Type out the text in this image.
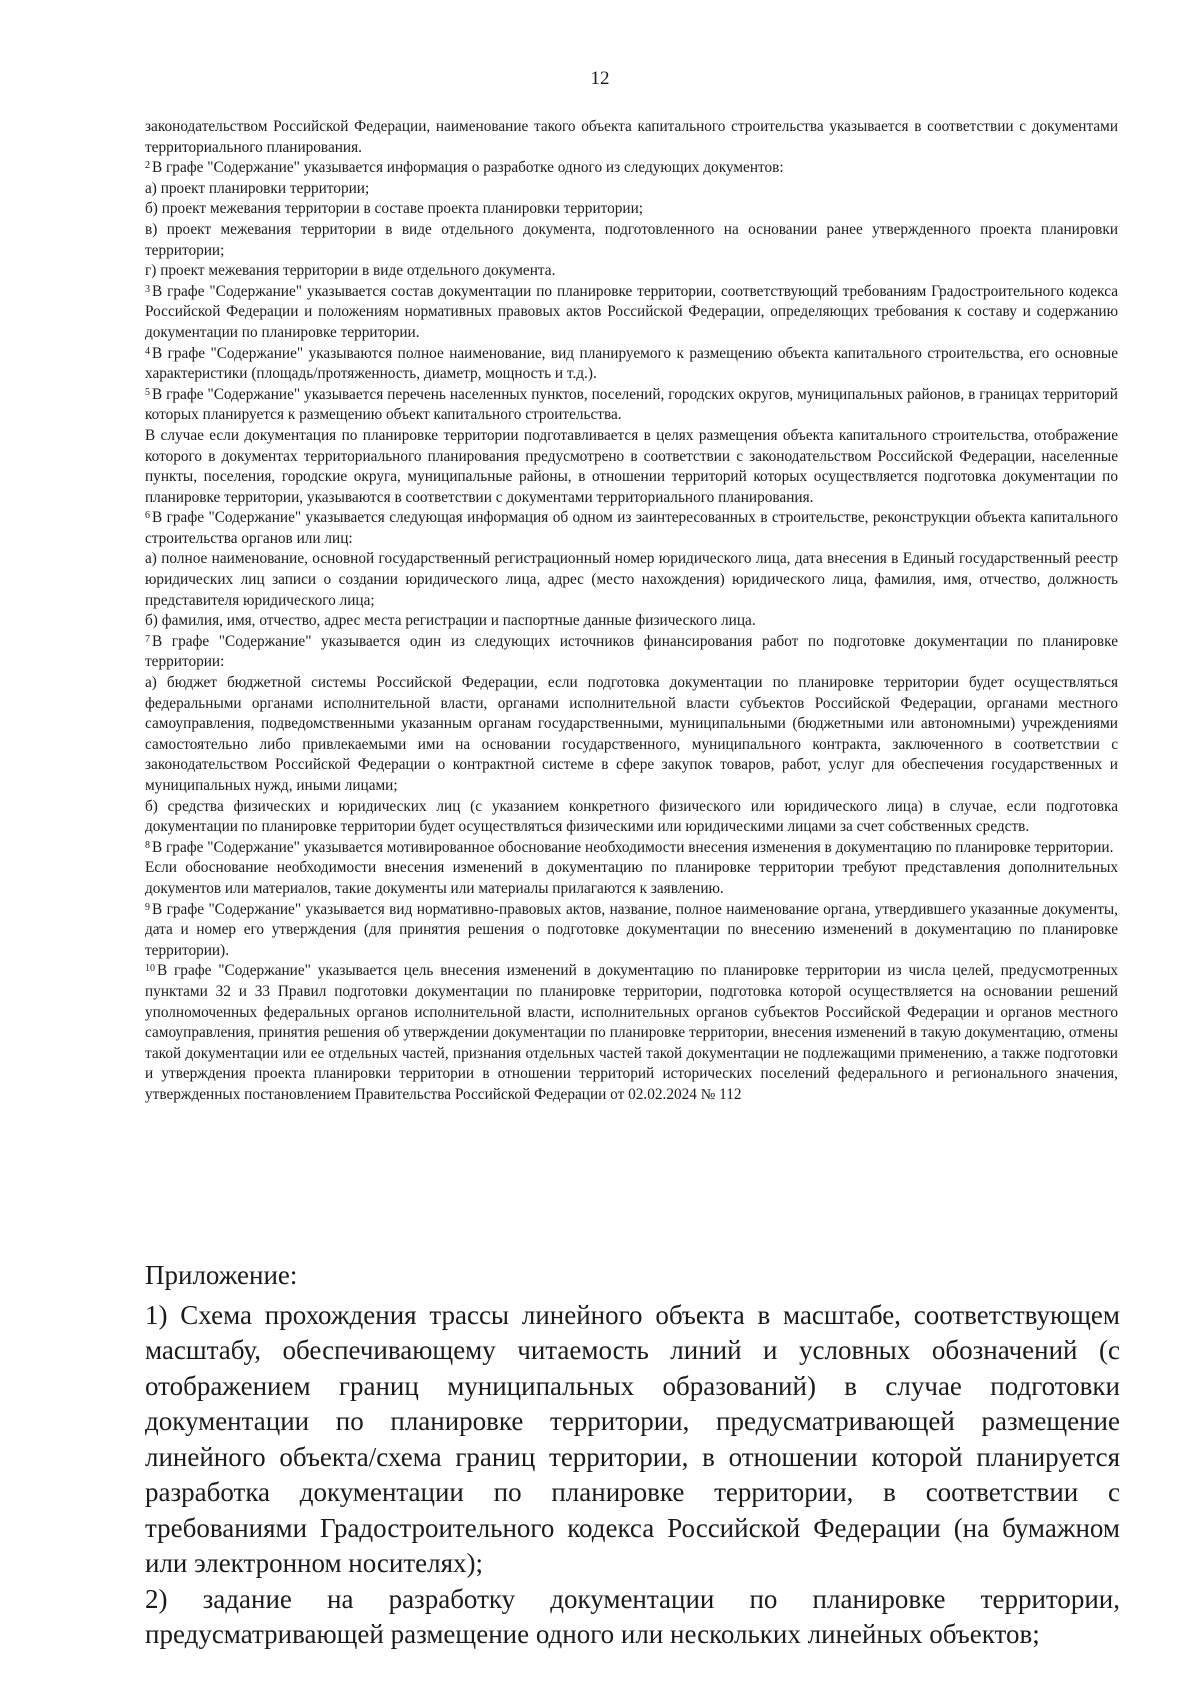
12

законодательством Российской Федерации, наименование такого объекта капитального строительства указывается в соответствии с документами территориального планирования.

$^2$ В графе "Содержание" указывается информация о разработке одного из следующих документов:

а) проект планировки территории;

б) проект межевания территории в составе проекта планировки территории;

в) проект межевания территории в виде отдельного документа, подготовленного на основании ранее утвержденного проекта планировки территории;

г) проект межевания территории в виде отдельного документа.

$^3$ В графе "Содержание" указывается состав документации по планировке территории, соответствующий требованиям Градостроительного кодекса Российской Федерации и положениям нормативных правовых актов Российской Федерации, определяющих требования к составу и содержанию документации по планировке территории.

$^4$ В графе "Содержание" указываются полное наименование, вид планируемого к размещению объекта капитального строительства, его основные характеристики (площадь/протяженность, диаметр, мощность и т.д.).

$^5$ В графе "Содержание" указывается перечень населенных пунктов, поселений, городских округов, муниципальных районов, в границах территорий которых планируется к размещению объект капитального строительства.

В случае если документация по планировке территории подготавливается в целях размещения объекта капитального строительства, отображение которого в документах территориального планирования предусмотрено в соответствии с законодательством Российской Федерации, населенные пункты, поселения, городские округа, муниципальные районы, в отношении территорий которых осуществляется подготовка документации по планировке территории, указываются в соответствии с документами территориального планирования.

$^6$ В графе "Содержание" указывается следующая информация об одном из заинтересованных в строительстве, реконструкции объекта капитального строительства органов или лиц:

а) полное наименование, основной государственный регистрационный номер юридического лица, дата внесения в Единый государственный реестр юридических лиц записи о создании юридического лица, адрес (место нахождения) юридического лица, фамилия, имя, отчество, должность представителя юридического лица;

б) фамилия, имя, отчество, адрес места регистрации и паспортные данные физического лица.

$^7$ В графе "Содержание" указывается один из следующих источников финансирования работ по подготовке документации по планировке территории:

а) бюджет бюджетной системы Российской Федерации, если подготовка документации по планировке территории будет осуществляться федеральными органами исполнительной власти, органами исполнительной власти субъектов Российской Федерации, органами местного самоуправления, подведомственными указанным органам государственными, муниципальными (бюджетными или автономными) учреждениями самостоятельно либо привлекаемыми ими на основании государственного, муниципального контракта, заключенного в соответствии с законодательством Российской Федерации о контрактной системе в сфере закупок товаров, работ, услуг для обеспечения государственных и муниципальных нужд, иными лицами;

б) средства физических и юридических лиц (с указанием конкретного физического или юридического лица) в случае, если подготовка документации по планировке территории будет осуществляться физическими или юридическими лицами за счет собственных средств.

$^8$ В графе "Содержание" указывается мотивированное обоснование необходимости внесения изменения в документацию по планировке территории.

Если обоснование необходимости внесения изменений в документацию по планировке территории требуют представления дополнительных документов или материалов, такие документы или материалы прилагаются к заявлению.

$^9$ В графе "Содержание" указывается вид нормативно-правовых актов, название, полное наименование органа, утвердившего указанные документы, дата и номер его утверждения (для принятия решения о подготовке документации по внесению изменений в документацию по планировке территории).

$^{10}$ В графе "Содержание" указывается цель внесения изменений в документацию по планировке территории из числа целей, предусмотренных пунктами 32 и 33 Правил подготовки документации по планировке территории, подготовка которой осуществляется на основании решений уполномоченных федеральных органов исполнительной власти, исполнительных органов субъектов Российской Федерации и органов местного самоуправления, принятия решения об утверждении документации по планировке территории, внесения изменений в такую документацию, отмены такой документации или ее отдельных частей, признания отдельных частей такой документации не подлежащими применению, а также подготовки и утверждения проекта планировки территории в отношении территорий исторических поселений федерального и регионального значения, утвержденных постановлением Правительства Российской Федерации от 02.02.2024 № 112

Приложение:

1) Схема прохождения трассы линейного объекта в масштабе, соответствующем масштабу, обеспечивающему читаемость линий и условных обозначений (с отображением границ муниципальных образований) в случае подготовки документации по планировке территории, предусматривающей размещение линейного объекта/схема границ территории, в отношении которой планируется разработка документации по планировке территории, в соответствии с требованиями Градостроительного кодекса Российской Федерации (на бумажном или электронном носителях);

2) задание на разработку документации по планировке территории, предусматривающей размещение одного или нескольких линейных объектов;
